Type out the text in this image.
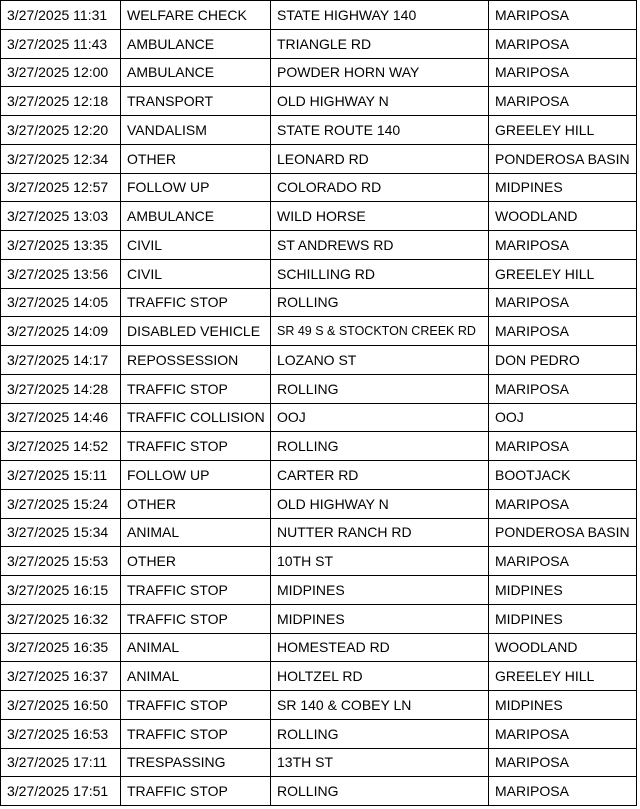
3/27/2025 11:31	WELFARE CHECK	STATE HIGHWAY 140	MARIPOSA
3/27/2025 11:43	AMBULANCE	TRIANGLE RD	MARIPOSA
3/27/2025 12:00	AMBULANCE	POWDER HORN WAY	MARIPOSA
3/27/2025 12:18	TRANSPORT	OLD HIGHWAY N	MARIPOSA
3/27/2025 12:20	VANDALISM	STATE ROUTE 140	GREELEY HILL
3/27/2025 12:34	OTHER	LEONARD RD	PONDEROSA BASIN
3/27/2025 12:57	FOLLOW UP	COLORADO RD	MIDPINES
3/27/2025 13:03	AMBULANCE	WILD HORSE	WOODLAND
3/27/2025 13:35	CIVIL	ST ANDREWS RD	MARIPOSA
3/27/2025 13:56	CIVIL	SCHILLING RD	GREELEY HILL
3/27/2025 14:05	TRAFFIC STOP	ROLLING	MARIPOSA
3/27/2025 14:09	DISABLED VEHICLE	SR 49 S & STOCKTON CREEK RD	MARIPOSA
3/27/2025 14:17	REPOSSESSION	LOZANO ST	DON PEDRO
3/27/2025 14:28	TRAFFIC STOP	ROLLING	MARIPOSA
3/27/2025 14:46	TRAFFIC COLLISION	OOJ	OOJ
3/27/2025 14:52	TRAFFIC STOP	ROLLING	MARIPOSA
3/27/2025 15:11	FOLLOW UP	CARTER RD	BOOTJACK
3/27/2025 15:24	OTHER	OLD HIGHWAY N	MARIPOSA
3/27/2025 15:34	ANIMAL	NUTTER RANCH RD	PONDEROSA BASIN
3/27/2025 15:53	OTHER	10TH ST	MARIPOSA
3/27/2025 16:15	TRAFFIC STOP	MIDPINES	MIDPINES
3/27/2025 16:32	TRAFFIC STOP	MIDPINES	MIDPINES
3/27/2025 16:35	ANIMAL	HOMESTEAD RD	WOODLAND
3/27/2025 16:37	ANIMAL	HOLTZEL RD	GREELEY HILL
3/27/2025 16:50	TRAFFIC STOP	SR 140 & COBEY LN	MIDPINES
3/27/2025 16:53	TRAFFIC STOP	ROLLING	MARIPOSA
3/27/2025 17:11	TRESPASSING	13TH ST	MARIPOSA
3/27/2025 17:51	TRAFFIC STOP	ROLLING	MARIPOSA
